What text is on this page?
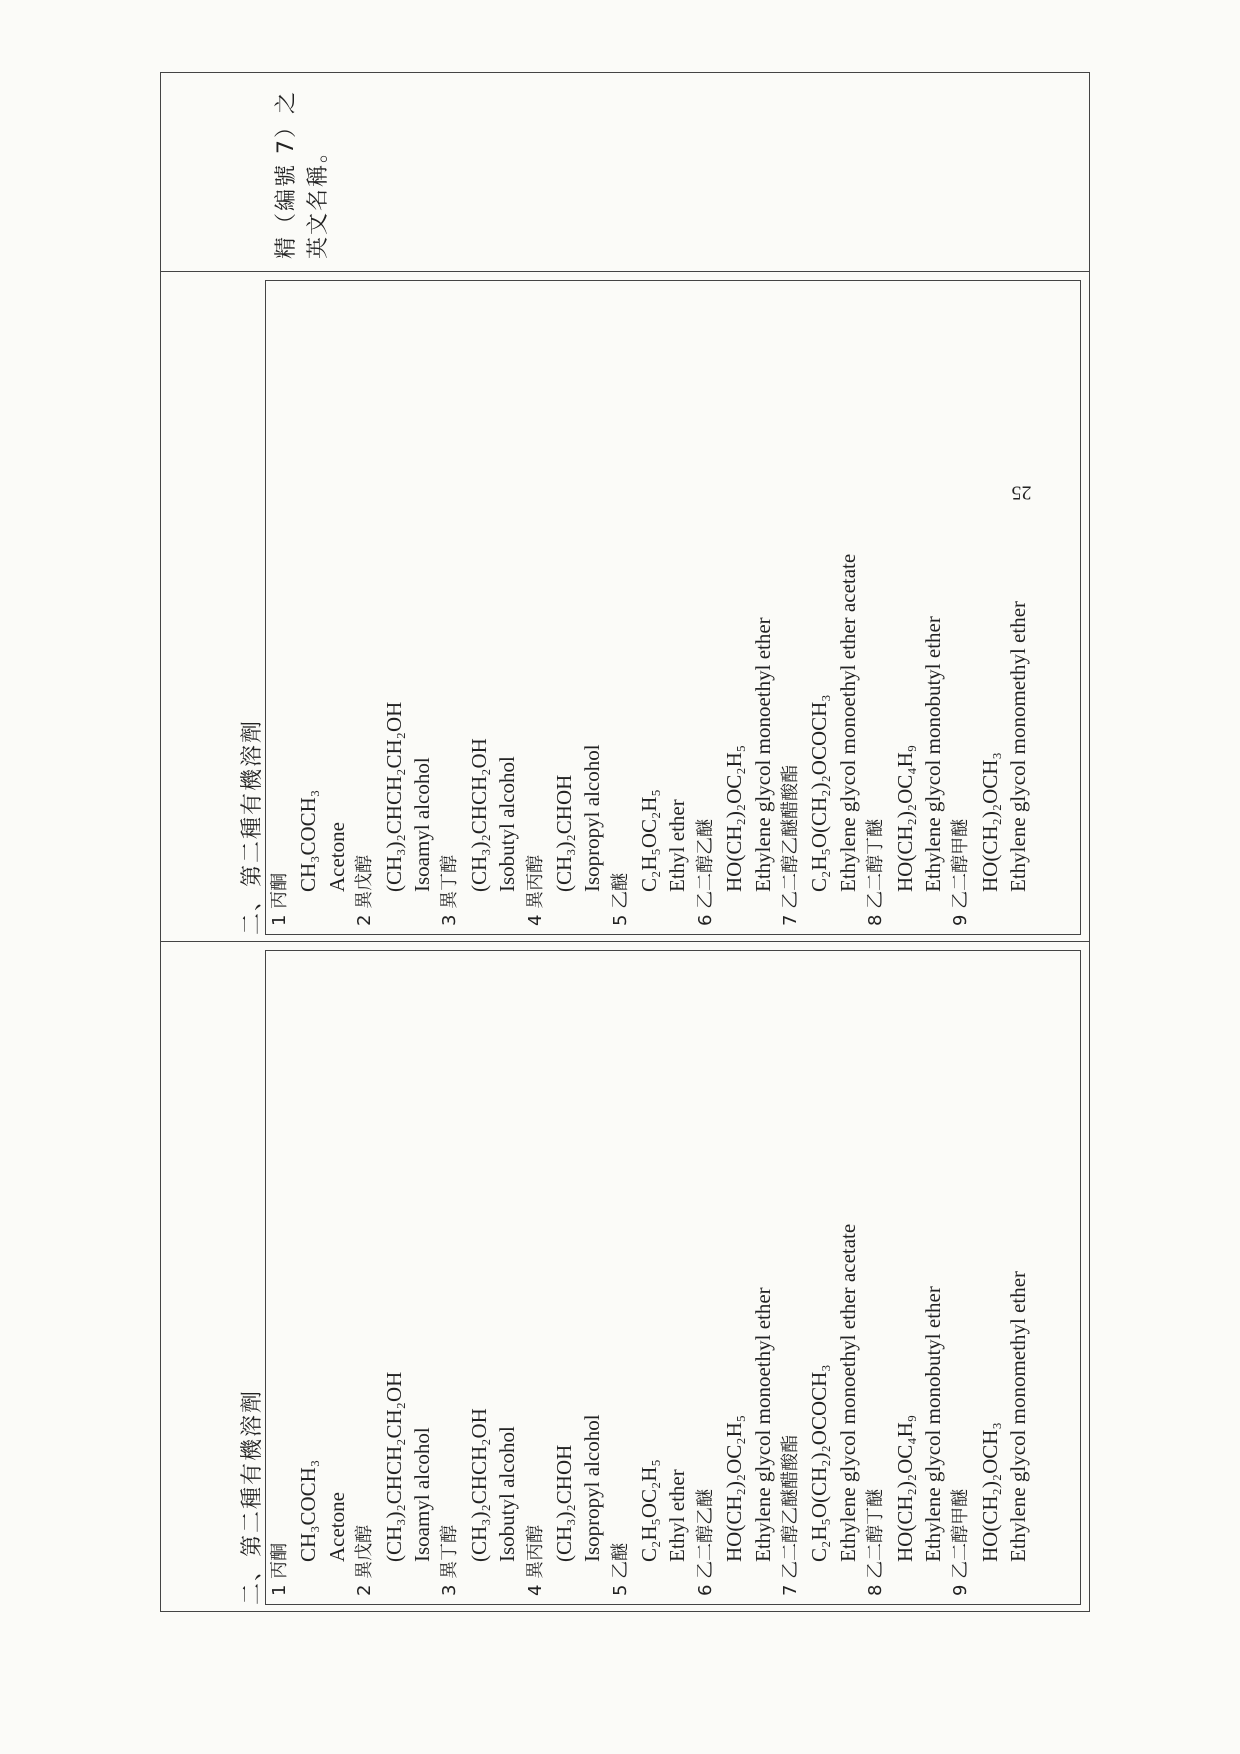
二、第二種有機溶劑 1 丙酮
CH₃COCH₃ Acetone 2 異戊醇 (CH₃)₂CHCH₂CH₂OH Isoamyl alcohol 3 異丁醇 (CH₃)₂CHCH₂OH Isobutyl alcohol 4 異丙醇 (CH₃)₂CHOH Isopropyl alcohol
5 乙醚
C₂H₅OC₂H₅ Ethyl ether 6 乙二醇乙醚 HO(CH₂)₂OC₂H₅ Ethylene glycol monoethyl ether 7 乙二醇乙醚醋酸酯 C₂H₅O(CH₂)₂OCOCH₃ Ethylene glycol monoethyl ether acetate 8 乙二醇丁醚 HO(CH₂)₂OC₄H₉ Ethylene glycol monobutyl ether 9 乙二醇甲醚 HO(CH₂)₂OCH₃ Ethylene glycol monomethyl ether
二、第二種有機溶劑 1 丙酮
CH₃COCH₃ Acetone 2 異戊醇 (CH₃)₂CHCH₂CH₂OH Isoamyl alcohol 3 異丁醇 (CH₃)₂CHCH₂OH Isobutyl alcohol 4 異丙醇 (CH₃)₂CHOH Isopropyl alcohol
5 乙醚
C₂H₅OC₂H₅ Ethyl ether 6 乙二醇乙醚 HO(CH₂)₂OC₂H₅ Ethylene glycol monoethyl ether 7 乙二醇乙醚醋酸酯 C₂H₅O(CH₂)₂OCOCH₃ Ethylene glycol monoethyl ether acetate 8 乙二醇丁醚 HO(CH₂)₂OC₄H₉ Ethylene glycol monobutyl ether 9 乙二醇甲醚 HO(CH₂)₂OCH₃ Ethylene glycol monomethyl ether
精（編號 7）之英文名稱。
25
